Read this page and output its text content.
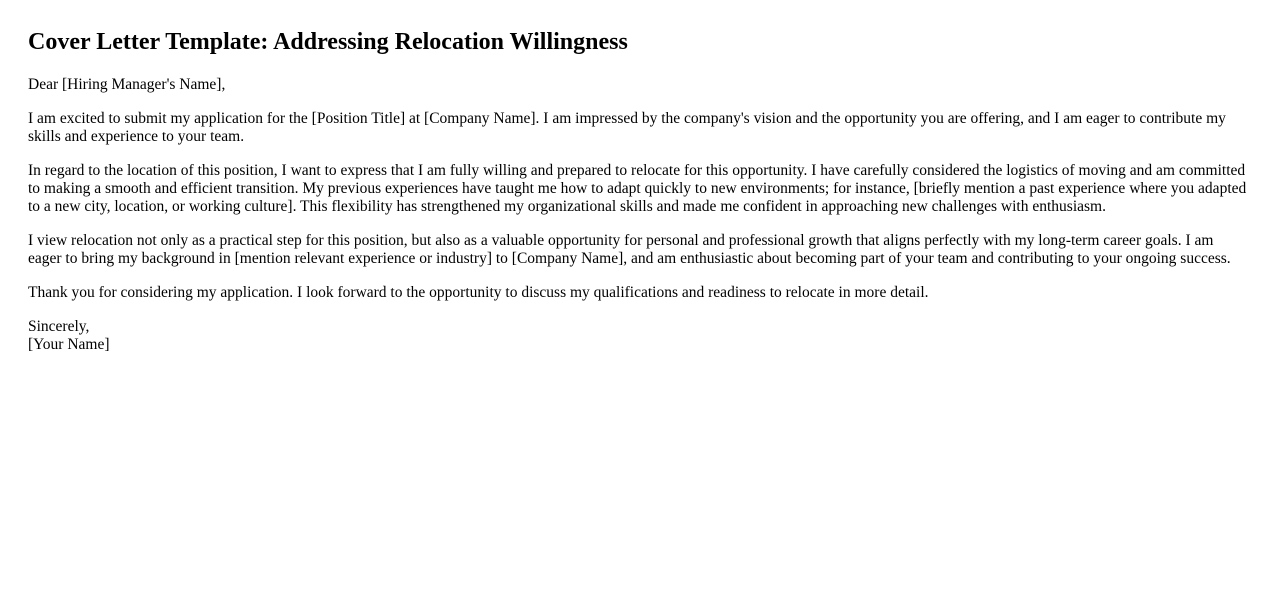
Cover Letter Template: Addressing Relocation Willingness

Dear [Hiring Manager's Name],

I am excited to submit my application for the [Position Title] at [Company Name]. I am impressed by the company's vision and the opportunity you are offering, and I am eager to contribute my skills and experience to your team.

In regard to the location of this position, I want to express that I am fully willing and prepared to relocate for this opportunity. I have carefully considered the logistics of moving and am committed to making a smooth and efficient transition. My previous experiences have taught me how to adapt quickly to new environments; for instance, [briefly mention a past experience where you adapted to a new city, location, or working culture]. This flexibility has strengthened my organizational skills and made me confident in approaching new challenges with enthusiasm.

I view relocation not only as a practical step for this position, but also as a valuable opportunity for personal and professional growth that aligns perfectly with my long-term career goals. I am eager to bring my background in [mention relevant experience or industry] to [Company Name], and am enthusiastic about becoming part of your team and contributing to your ongoing success.

Thank you for considering my application. I look forward to the opportunity to discuss my qualifications and readiness to relocate in more detail.

Sincerely,
[Your Name]
